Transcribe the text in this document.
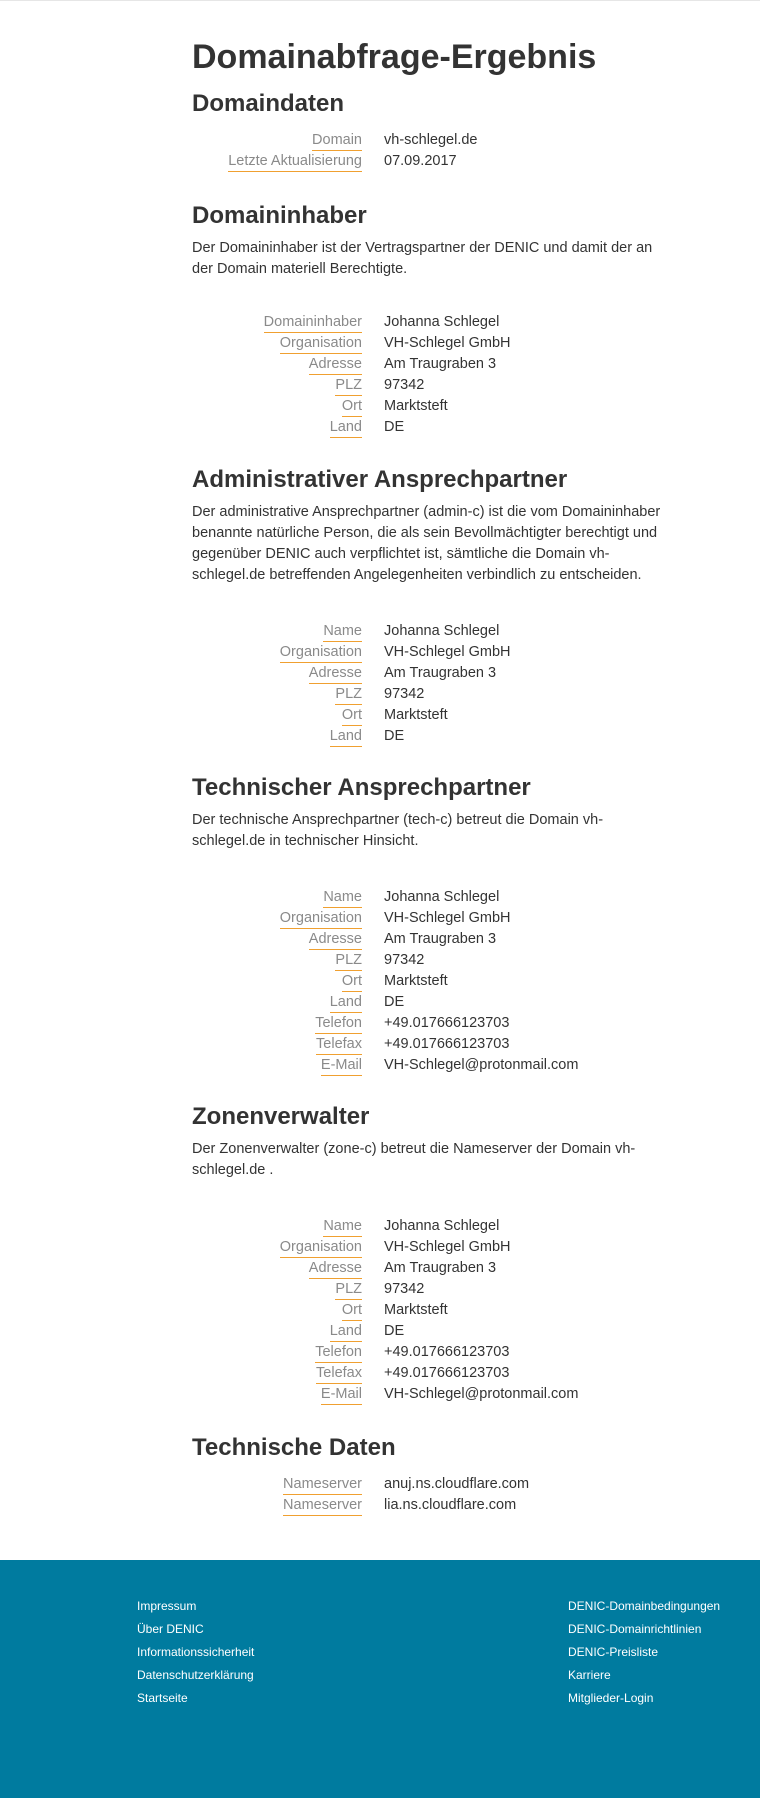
Domainabfrage-Ergebnis
Domaindaten
Domain vh-schlegel.de
Letzte Aktualisierung 07.09.2017
Domaininhaber

Der Domaininhaber ist der Vertragspartner der DENIC und damit der an der Domain materiell Berechtigte.

Domaininhaber Johanna Schlegel
Organisation VH-Schlegel GmbH
Adresse Am Traugraben 3
PLZ 97342
Ort Marktsteft
Land DE
Administrativer Ansprechpartner

Der administrative Ansprechpartner (admin-c) ist die vom Domaininhaber benannte natürliche Person, die als sein Bevollmächtigter berechtigt und gegenüber DENIC auch verpflichtet ist, sämtliche die Domain vh-schlegel.de betreffenden Angelegenheiten verbindlich zu entscheiden.

Name Johanna Schlegel
Organisation VH-Schlegel GmbH
Adresse Am Traugraben 3
PLZ 97342
Ort Marktsteft
Land DE
Technischer Ansprechpartner

Der technische Ansprechpartner (tech-c) betreut die Domain vh-schlegel.de in technischer Hinsicht.

Name Johanna Schlegel
Organisation VH-Schlegel GmbH
Adresse Am Traugraben 3
PLZ 97342
Ort Marktsteft
Land DE
Telefon +49.017666123703
Telefax +49.017666123703
E-Mail VH-Schlegel@protonmail.com
Zonenverwalter

Der Zonenverwalter (zone-c) betreut die Nameserver der Domain vh-schlegel.de .

Name Johanna Schlegel
Organisation VH-Schlegel GmbH
Adresse Am Traugraben 3
PLZ 97342
Ort Marktsteft
Land DE
Telefon +49.017666123703
Telefax +49.017666123703
E-Mail VH-Schlegel@protonmail.com
Technische Daten
Nameserver anuj.ns.cloudflare.com
Nameserver lia.ns.cloudflare.com
Impressum
Über DENIC
Informationssicherheit
Datenschutzerklärung
Startseite
DENIC-Domainbedingungen
DENIC-Domainrichtlinien
DENIC-Preisliste
Karriere
Mitglieder-Login
